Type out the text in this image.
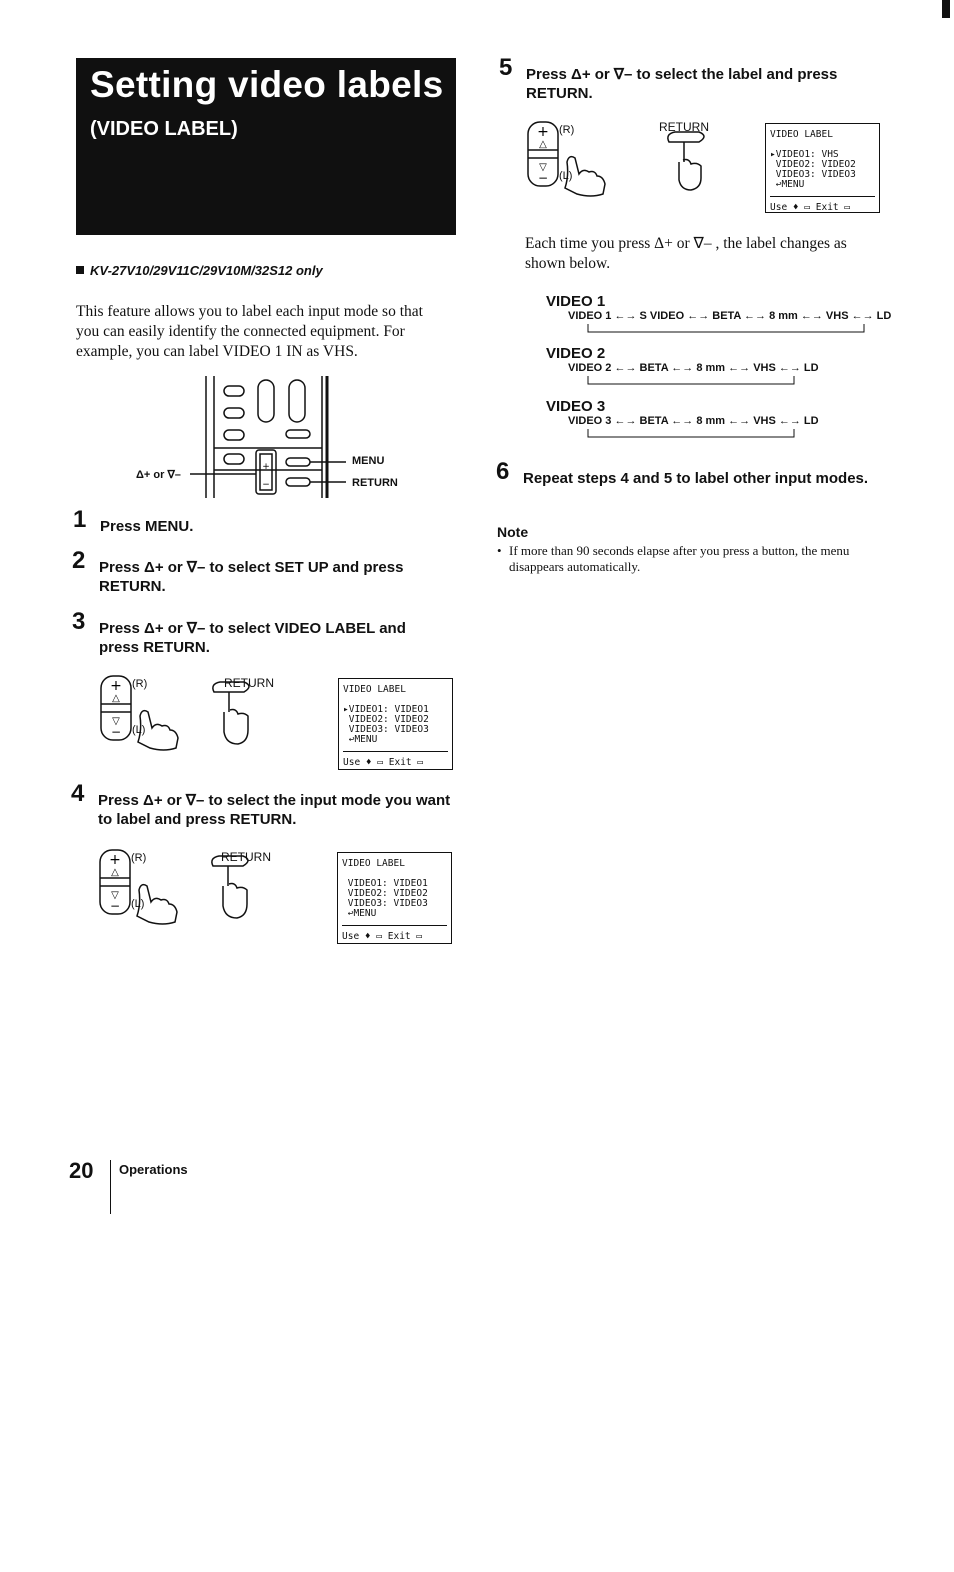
Setting video labels
(VIDEO LABEL)
KV-27V10/29V11C/29V10M/32S12 only
This feature allows you to label each input mode so that you can easily identify the connected equipment. For example, you can label VIDEO 1 IN as VHS.
+
−
Δ+ or ∇–
MENU
RETURN
1 Press MENU.
2 Press Δ+ or ∇– to select SET UP and press RETURN.
3 Press Δ+ or ∇– to select VIDEO LABEL and press RETURN.
+
△
▽
−
(R)
(L)
RETURN	VIDEO LABEL
▸VIDEO1: VIDEO1
VIDEO2: VIDEO2
VIDEO3: VIDEO3
↩MENU
Use ♦ ▭ Exit ▭
4 Press Δ+ or ∇– to select the input mode you want to label and press RETURN.
+
△
▽
−
(R)
(L)
RETURN	VIDEO LABEL
VIDEO1: VIDEO1
VIDEO2: VIDEO2
VIDEO3: VIDEO3
↩MENU
Use ♦ ▭ Exit ▭
5 Press Δ+ or ∇– to select the label and press RETURN.
+
△
▽
−
(R)
(L)
RETURN
VIDEO LABEL
▸VIDEO1: VHS
VIDEO2: VIDEO2
VIDEO3: VIDEO3
↩MENU
Use ♦ ▭ Exit ▭
Each time you press Δ+ or ∇– , the label changes as shown below.
VIDEO 1
VIDEO 1 ←→ S VIDEO ←→ BETA ←→ 8 mm ←→ VHS ←→ LD
VIDEO 2
VIDEO 2 ←→ BETA ←→ 8 mm ←→ VHS ←→ LD
VIDEO 3
VIDEO 3 ←→ BETA ←→ 8 mm ←→ VHS ←→ LD
6 Repeat steps 4 and 5 to label other input modes.
Note
• If more than 90 seconds elapse after you press a button, the menu disappears automatically.
20 Operations
